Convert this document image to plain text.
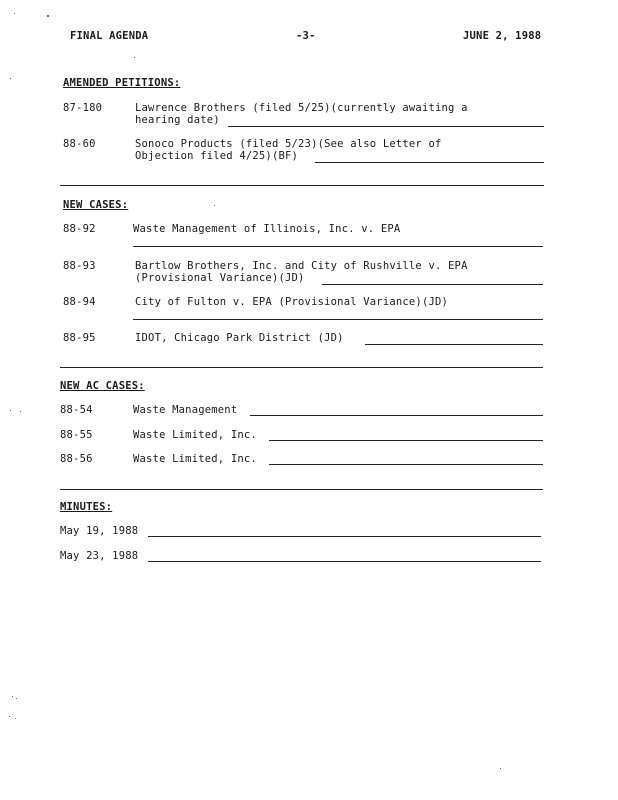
FINAL AGENDA	-3-	JUNE 2, 1988
AMENDED PETITIONS:
87-180	Lawrence Brothers (filed 5/25)(currently awaiting a
hearing date)
88-60	Sonoco Products (filed 5/23)(See also Letter of
Objection filed 4/25)(BF)
NEW CASES:
88-92	Waste Management of Illinois, Inc. v. EPA
88-93	Bartlow Brothers, Inc. and City of Rushville v. EPA
(Provisional Variance)(JD)
88-94	City of Fulton v. EPA (Provisional Variance)(JD)
88-95	IDOT, Chicago Park District (JD)
NEW AC CASES:
88-54	Waste Management
88-55	Waste Limited, Inc.
88-56	Waste Limited, Inc.
MINUTES:
May 19, 1988
May 23, 1988
